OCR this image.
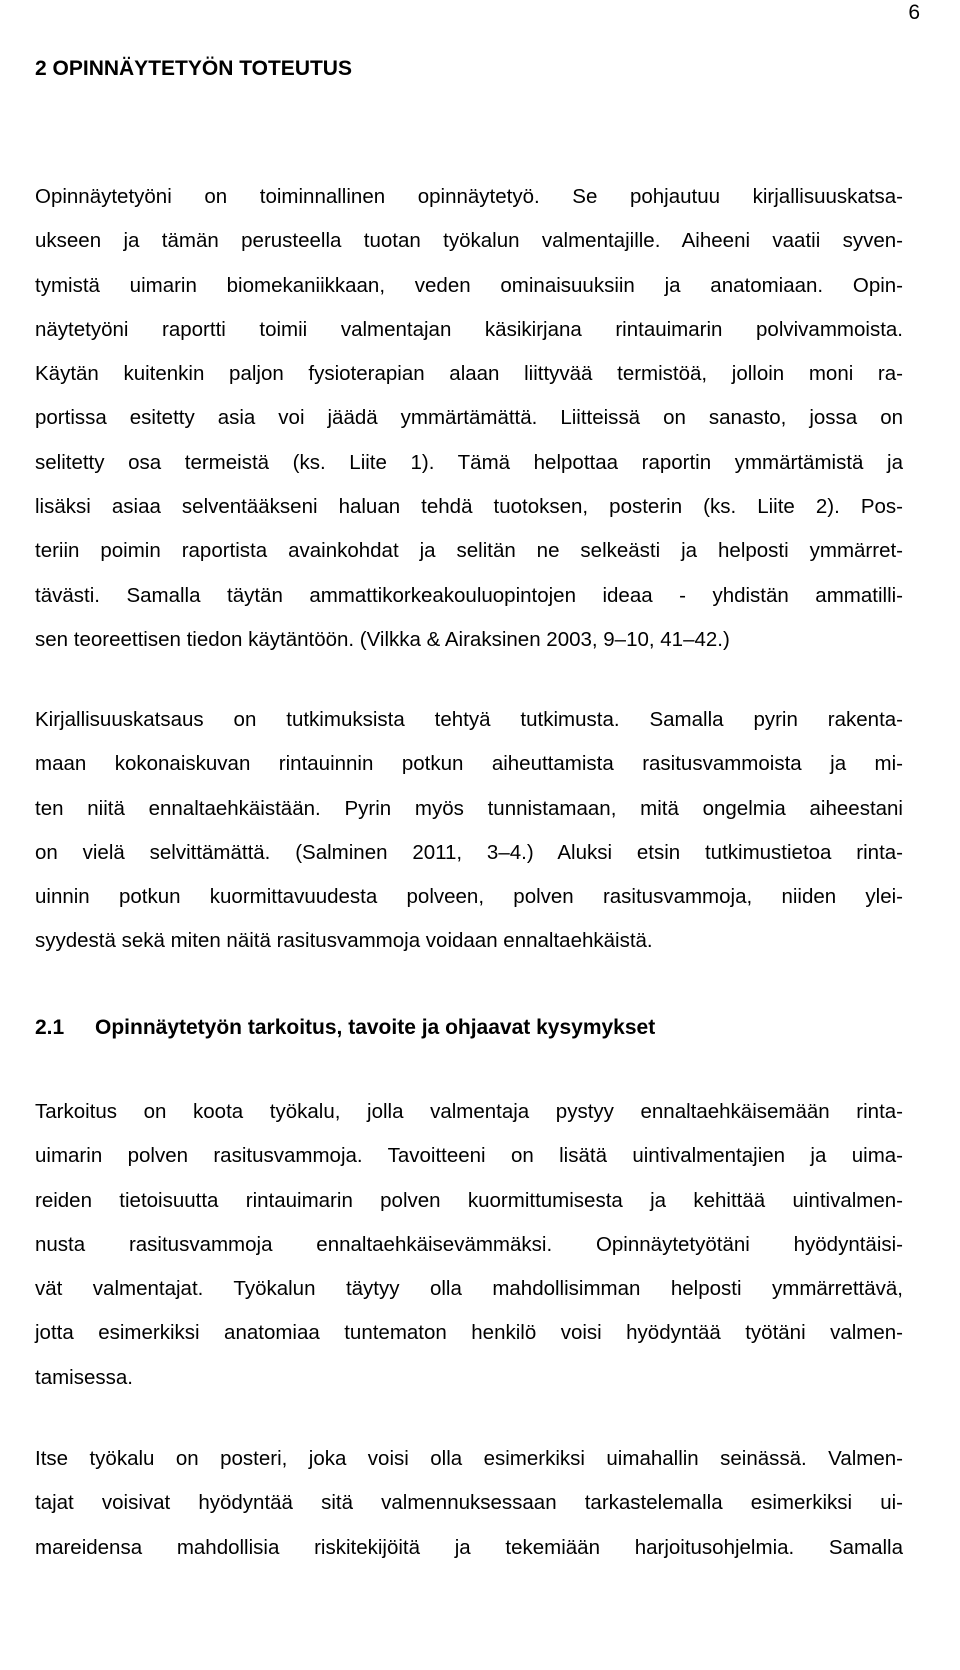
6
2 OPINNÄYTETYÖN TOTEUTUS
Opinnäytetyöni on toiminnallinen opinnäytetyö. Se pohjautuu kirjallisuuskatsa-
ukseen ja tämän perusteella tuotan työkalun valmentajille. Aiheeni vaatii syven-
tymistä uimarin biomekaniikkaan, veden ominaisuuksiin ja anatomiaan. Opin-
näytetyöni raportti toimii valmentajan käsikirjana rintauimarin polvivammoista.
Käytän kuitenkin paljon fysioterapian alaan liittyvää termistöä, jolloin moni ra-
portissa esitetty asia voi jäädä ymmärtämättä. Liitteissä on sanasto, jossa on
selitetty osa termeistä (ks. Liite 1). Tämä helpottaa raportin ymmärtämistä ja
lisäksi asiaa selventääkseni haluan tehdä tuotoksen, posterin (ks. Liite 2). Pos-
teriin poimin raportista avainkohdat ja selitän ne selkeästi ja helposti ymmärret-
tävästi. Samalla täytän ammattikorkeakouluopintojen ideaa - yhdistän ammatilli-
sen teoreettisen tiedon käytäntöön. (Vilkka & Airaksinen 2003, 9–10, 41–42.)
Kirjallisuuskatsaus on tutkimuksista tehtyä tutkimusta. Samalla pyrin rakenta-
maan kokonaiskuvan rintauinnin potkun aiheuttamista rasitusvammoista ja mi-
ten niitä ennaltaehkäistään. Pyrin myös tunnistamaan, mitä ongelmia aiheestani
on vielä selvittämättä. (Salminen 2011, 3–4.) Aluksi etsin tutkimustietoa rinta-
uinnin potkun kuormittavuudesta polveen, polven rasitusvammoja, niiden ylei-
syydestä sekä miten näitä rasitusvammoja voidaan ennaltaehkäistä.
2.1 Opinnäytetyön tarkoitus, tavoite ja ohjaavat kysymykset
Tarkoitus on koota työkalu, jolla valmentaja pystyy ennaltaehkäisemään rinta-
uimarin polven rasitusvammoja. Tavoitteeni on lisätä uintivalmentajien ja uima-
reiden tietoisuutta rintauimarin polven kuormittumisesta ja kehittää uintivalmen-
nusta rasitusvammoja ennaltaehkäisevämmäksi. Opinnäytetyötäni hyödyntäisi-
vät valmentajat. Työkalun täytyy olla mahdollisimman helposti ymmärrettävä,
jotta esimerkiksi anatomiaa tuntematon henkilö voisi hyödyntää työtäni valmen-
tamisessa.
Itse työkalu on posteri, joka voisi olla esimerkiksi uimahallin seinässä. Valmen-
tajat voisivat hyödyntää sitä valmennuksessaan tarkastelemalla esimerkiksi ui-
mareidensa mahdollisia riskitekijöitä ja tekemiään harjoitusohjelmia. Samalla
